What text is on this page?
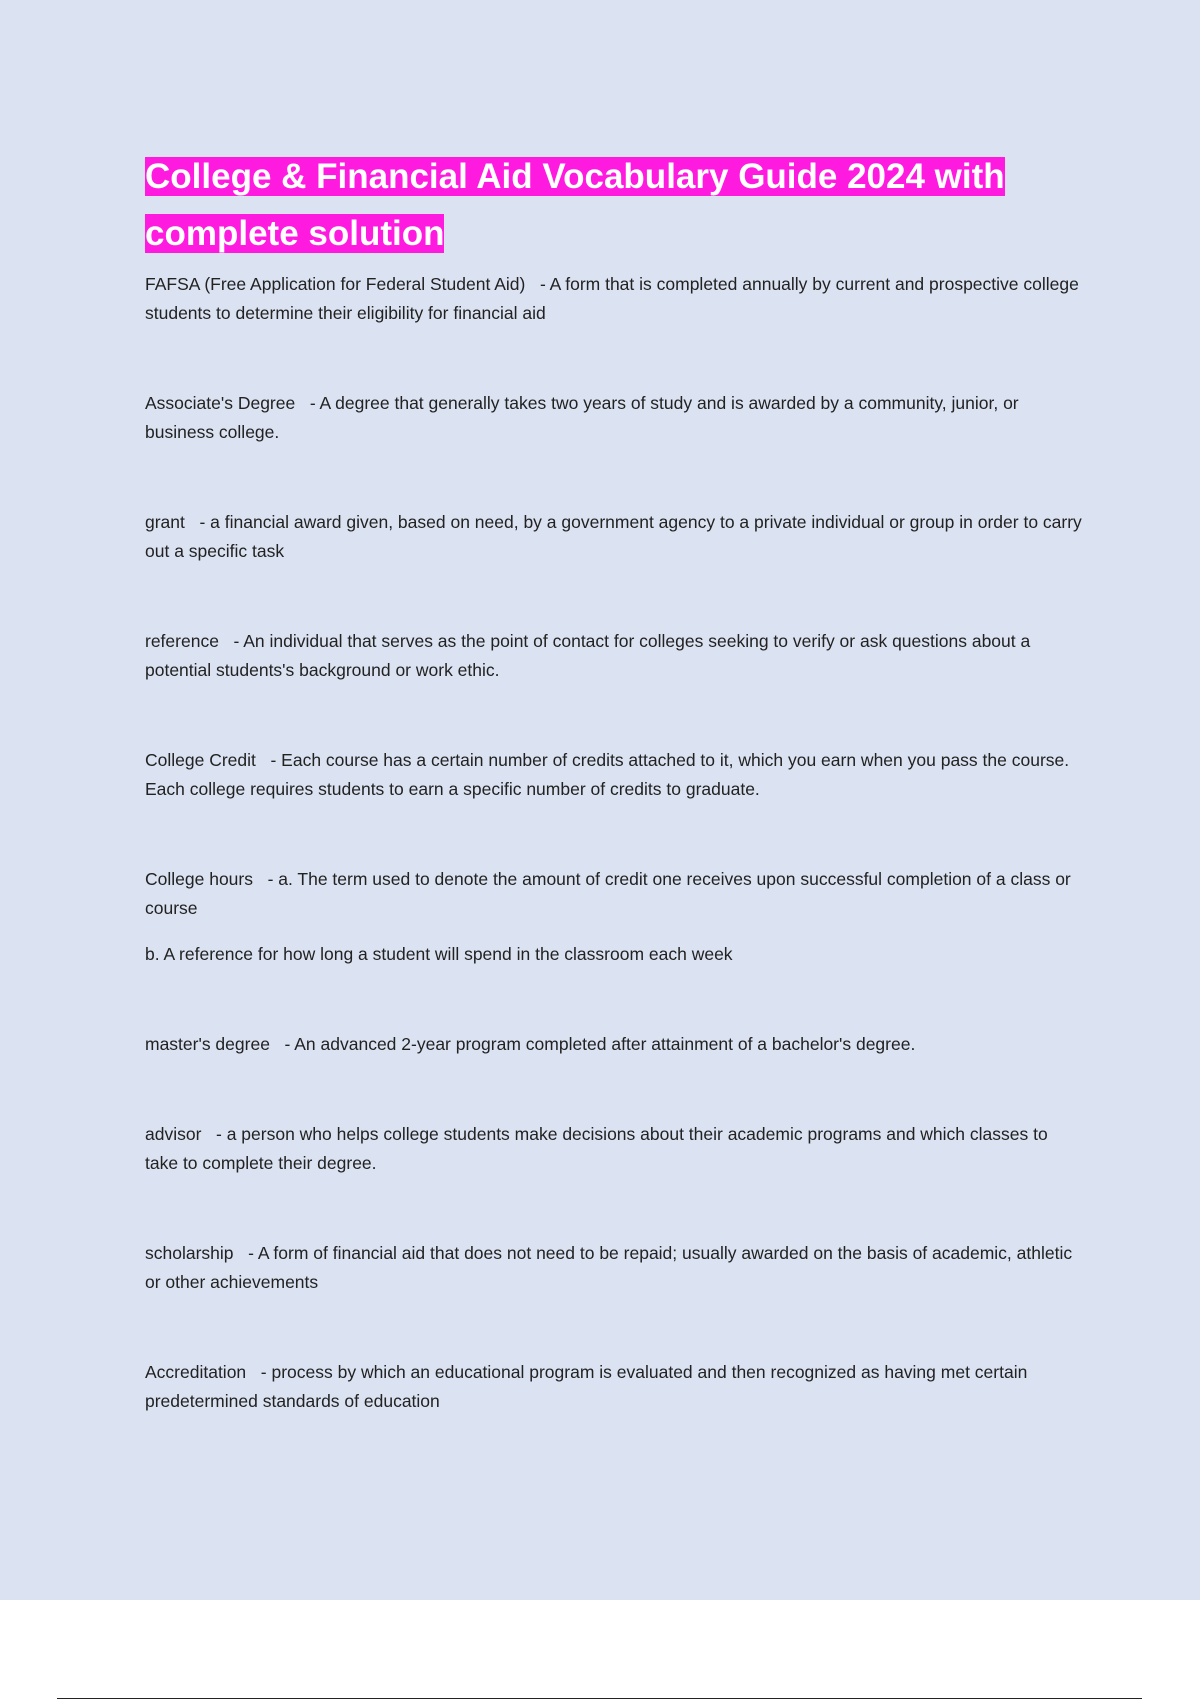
College & Financial Aid Vocabulary Guide 2024 with complete solution
FAFSA (Free Application for Federal Student Aid) - A form that is completed annually by current and prospective college students to determine their eligibility for financial aid
Associate's Degree - A degree that generally takes two years of study and is awarded by a community, junior, or business college.
grant - a financial award given, based on need, by a government agency to a private individual or group in order to carry out a specific task
reference - An individual that serves as the point of contact for colleges seeking to verify or ask questions about a potential students's background or work ethic.
College Credit - Each course has a certain number of credits attached to it, which you earn when you pass the course. Each college requires students to earn a specific number of credits to graduate.
College hours - a. The term used to denote the amount of credit one receives upon successful completion of a class or course
b. A reference for how long a student will spend in the classroom each week
master's degree - An advanced 2-year program completed after attainment of a bachelor's degree.
advisor - a person who helps college students make decisions about their academic programs and which classes to take to complete their degree.
scholarship - A form of financial aid that does not need to be repaid; usually awarded on the basis of academic, athletic or other achievements
Accreditation - process by which an educational program is evaluated and then recognized as having met certain predetermined standards of education
